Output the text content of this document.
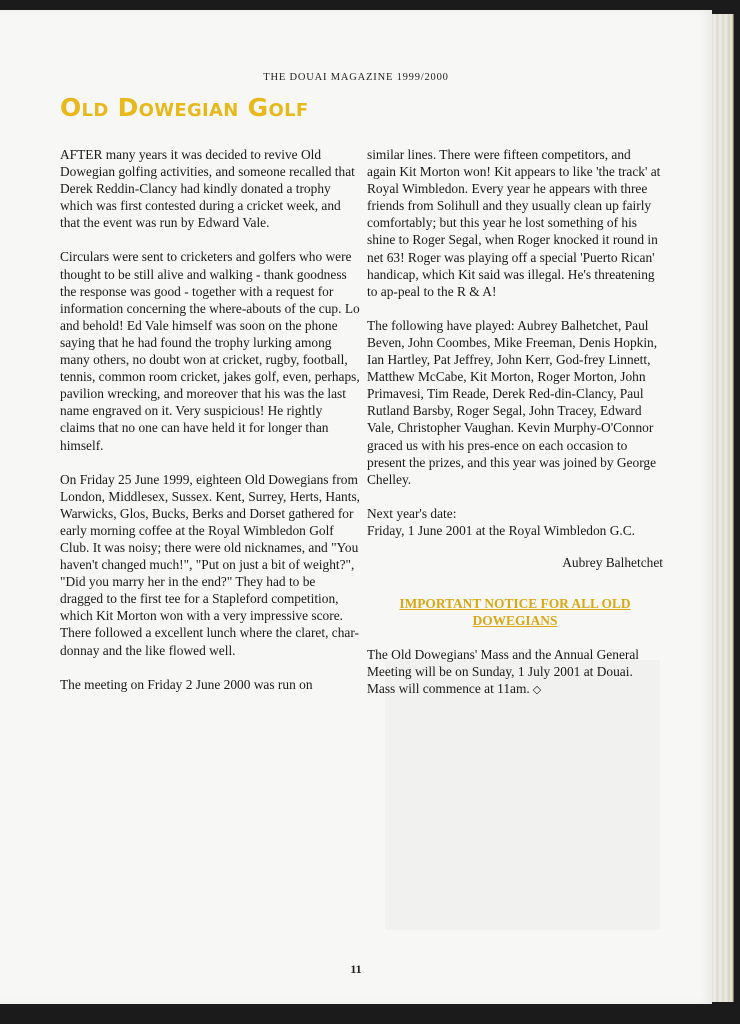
THE DOUAI MAGAZINE 1999/2000
Old Dowegian Golf

AFTER many years it was decided to revive Old Dowegian golfing activities, and someone recalled that Derek Reddin-Clancy had kindly donated a trophy which was first contested during a cricket week, and that the event was run by Edward Vale.

Circulars were sent to cricketers and golfers who were thought to be still alive and walking - thank goodness the response was good - together with a request for information concerning the where-abouts of the cup. Lo and behold! Ed Vale himself was soon on the phone saying that he had found the trophy lurking among many others, no doubt won at cricket, rugby, football, tennis, common room cricket, jakes golf, even, perhaps, pavilion wrecking, and moreover that his was the last name engraved on it. Very suspicious! He rightly claims that no one can have held it for longer than himself.

On Friday 25 June 1999, eighteen Old Dowegians from London, Middlesex, Sussex. Kent, Surrey, Herts, Hants, Warwicks, Glos, Bucks, Berks and Dorset gathered for early morning coffee at the Royal Wimbledon Golf Club. It was noisy; there were old nicknames, and "You haven't changed much!", "Put on just a bit of weight?", "Did you marry her in the end?" They had to be dragged to the first tee for a Stapleford competition, which Kit Morton won with a very impressive score. There followed a excellent lunch where the claret, char-donnay and the like flowed well.

The meeting on Friday 2 June 2000 was run on

similar lines. There were fifteen competitors, and again Kit Morton won! Kit appears to like 'the track' at Royal Wimbledon. Every year he appears with three friends from Solihull and they usually clean up fairly comfortably; but this year he lost something of his shine to Roger Segal, when Roger knocked it round in net 63! Roger was playing off a special 'Puerto Rican' handicap, which Kit said was illegal. He's threatening to ap-peal to the R & A!

The following have played: Aubrey Balhetchet, Paul Beven, John Coombes, Mike Freeman, Denis Hopkin, Ian Hartley, Pat Jeffrey, John Kerr, God-frey Linnett, Matthew McCabe, Kit Morton, Roger Morton, John Primavesi, Tim Reade, Derek Red-din-Clancy, Paul Rutland Barsby, Roger Segal, John Tracey, Edward Vale, Christopher Vaughan. Kevin Murphy-O'Connor graced us with his pres-ence on each occasion to present the prizes, and this year was joined by George Chelley.

Next year's date:
Friday, 1 June 2001 at the Royal Wimbledon G.C.

Aubrey Balhetchet

IMPORTANT NOTICE FOR ALL OLD DOWEGIANS

The Old Dowegians' Mass and the Annual General Meeting will be on Sunday, 1 July 2001 at Douai. Mass will commence at 11am. ◇

11
